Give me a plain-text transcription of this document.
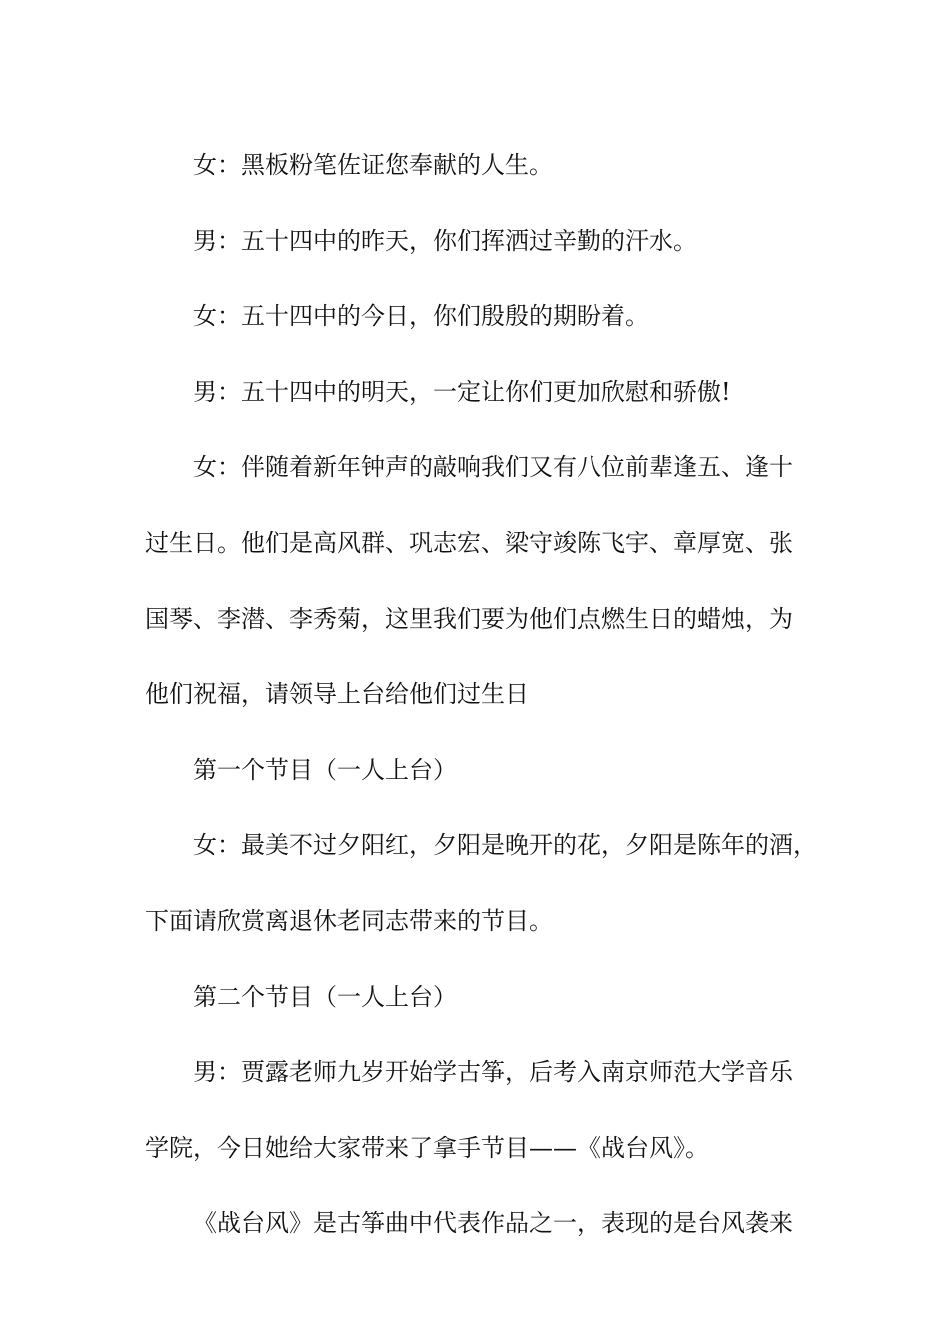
女：黑板粉笔佐证您奉献的人生。

男：五十四中的昨天，你们挥洒过辛勤的汗水。

女：五十四中的今日，你们殷殷的期盼着。

男：五十四中的明天，一定让你们更加欣慰和骄傲!

女：伴随着新年钟声的敲响我们又有八位前辈逢五、逢十

过生日。他们是高风群、巩志宏、梁守竣陈飞宇、章厚宽、张

国琴、李潜、李秀菊，这里我们要为他们点燃生日的蜡烛，为

他们祝福，请领导上台给他们过生日

第一个节目（一人上台）

女：最美不过夕阳红，夕阳是晚开的花，夕阳是陈年的酒，

下面请欣赏离退休老同志带来的节目。

第二个节目（一人上台）

男：贾露老师九岁开始学古筝，后考入南京师范大学音乐

学院，今日她给大家带来了拿手节目——《战台风》。

《战台风》是古筝曲中代表作品之一，表现的是台风袭来
